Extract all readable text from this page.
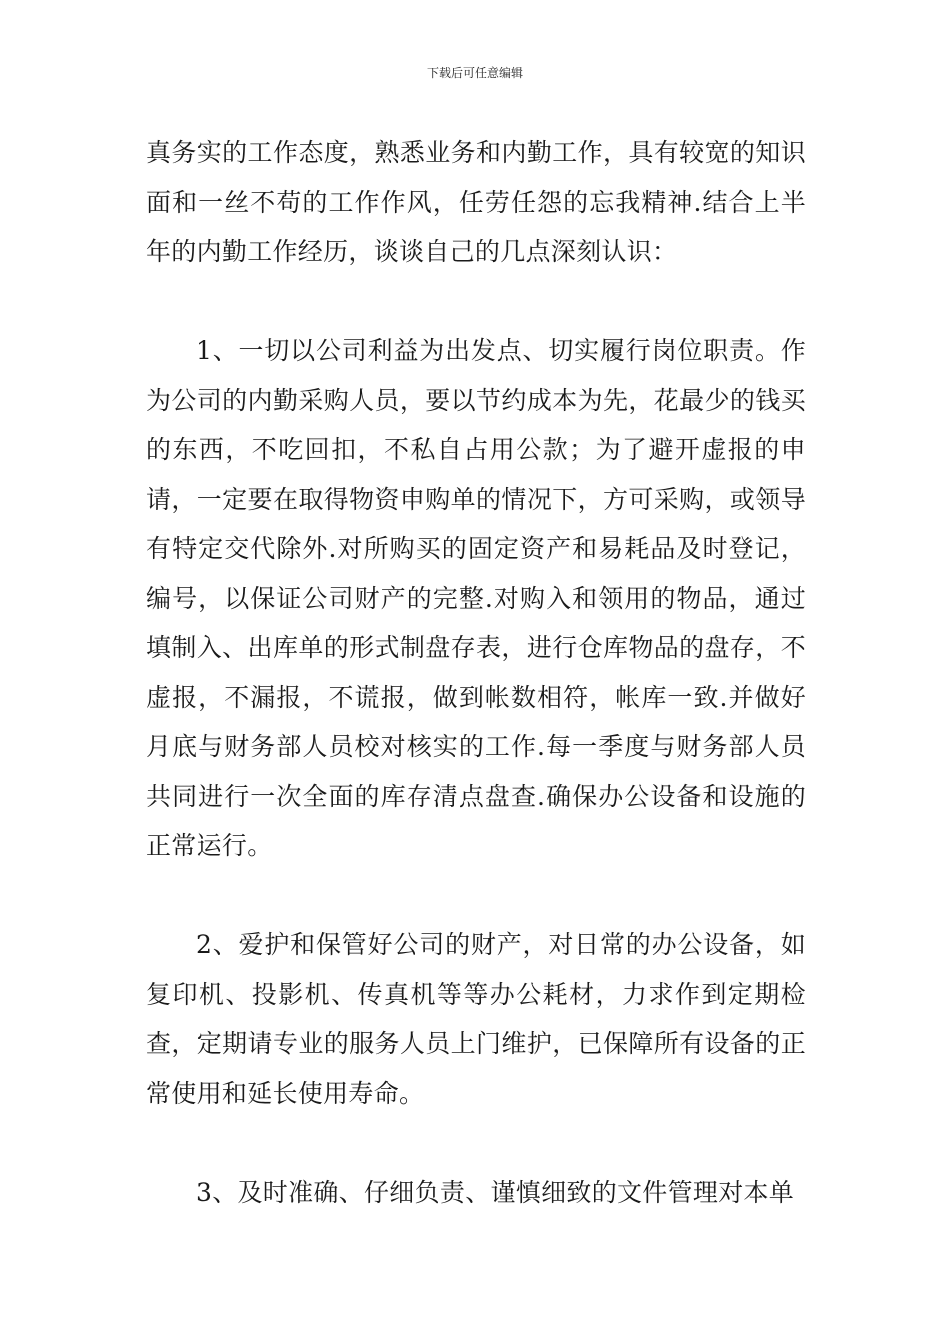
下载后可任意编辑

真务实的工作态度，熟悉业务和内勤工作，具有较宽的知识面和一丝不苟的工作作风，任劳任怨的忘我精神.结合上半年的内勤工作经历，谈谈自己的几点深刻认识：

1、一切以公司利益为出发点、切实履行岗位职责。作为公司的内勤采购人员，要以节约成本为先，花最少的钱买的东西，不吃回扣，不私自占用公款；为了避开虚报的申请，一定要在取得物资申购单的情况下，方可采购，或领导有特定交代除外.对所购买的固定资产和易耗品及时登记，编号，以保证公司财产的完整.对购入和领用的物品，通过填制入、出库单的形式制盘存表，进行仓库物品的盘存，不虚报，不漏报，不谎报，做到帐数相符，帐库一致.并做好月底与财务部人员校对核实的工作.每一季度与财务部人员共同进行一次全面的库存清点盘查.确保办公设备和设施的正常运行。

2、爱护和保管好公司的财产，对日常的办公设备，如复印机、投影机、传真机等等办公耗材，力求作到定期检查，定期请专业的服务人员上门维护，已保障所有设备的正常使用和延长使用寿命。

3、及时准确、仔细负责、谨慎细致的文件管理对本单
